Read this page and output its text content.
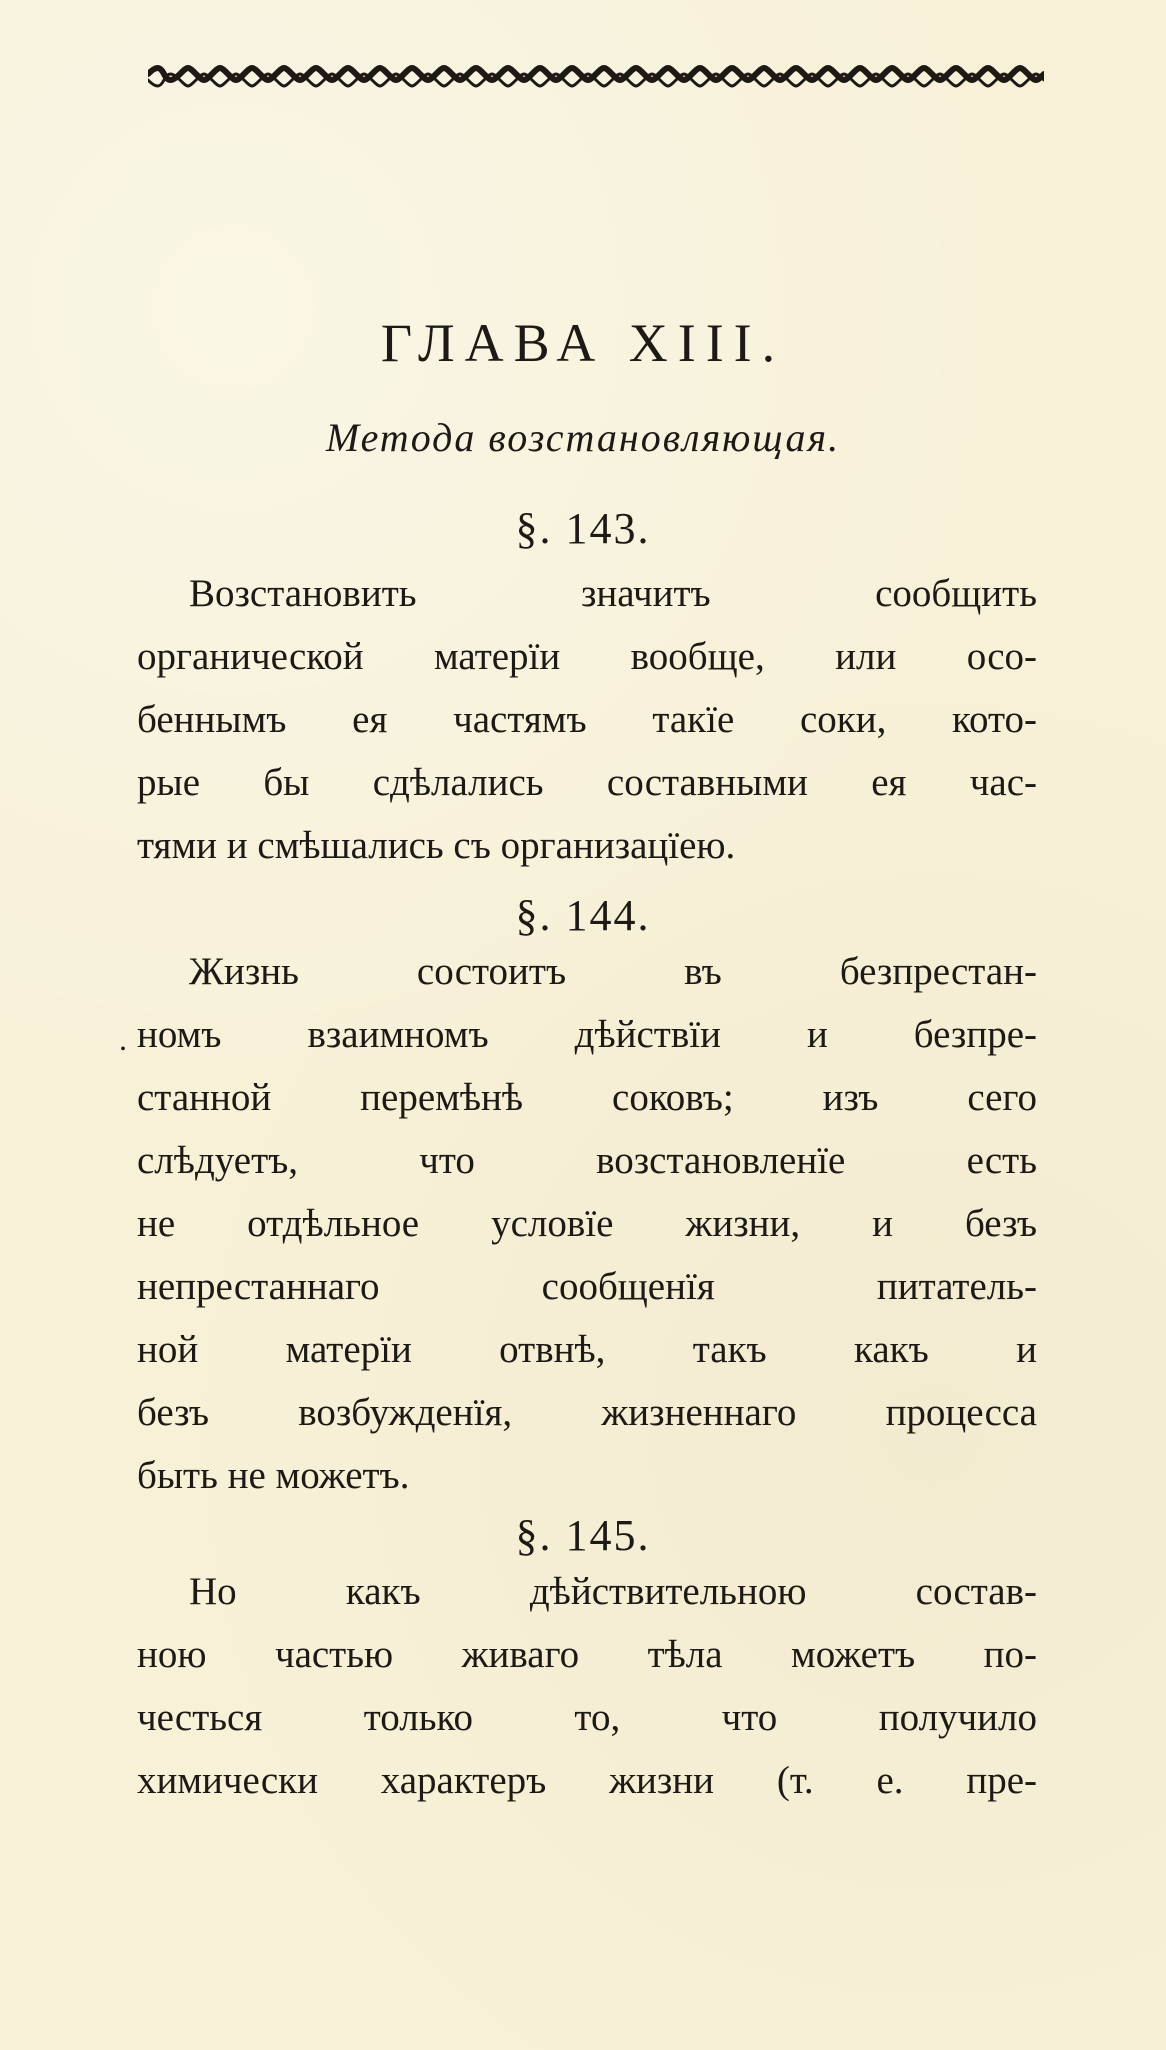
ГЛАВА XIII.
Метода возстановляющая.
§. 143.
Возстановить значитъ сообщить
органической матерїи вообще, или осо-
беннымъ ея частямъ такїе соки, кото-
рые бы сдѣлались составными ея час-
тями и смѣшались съ организацїею.
§. 144.
.
Жизнь состоитъ въ безпрестан-
номъ взаимномъ дѣйствїи и безпре-
станной перемѣнѣ соковъ; изъ сего
слѣдуетъ, что возстановленїе есть
не отдѣльное условїе жизни, и безъ
непрестаннаго сообщенїя питатель-
ной матерїи отвнѣ, такъ какъ и
безъ возбужденїя, жизненнаго процесса
быть не можетъ.
§. 145.
Но какъ дѣйствительною состав-
ною частью живаго тѣла можетъ по-
честься только то, что получило
химически характеръ жизни (т. е. пре-
